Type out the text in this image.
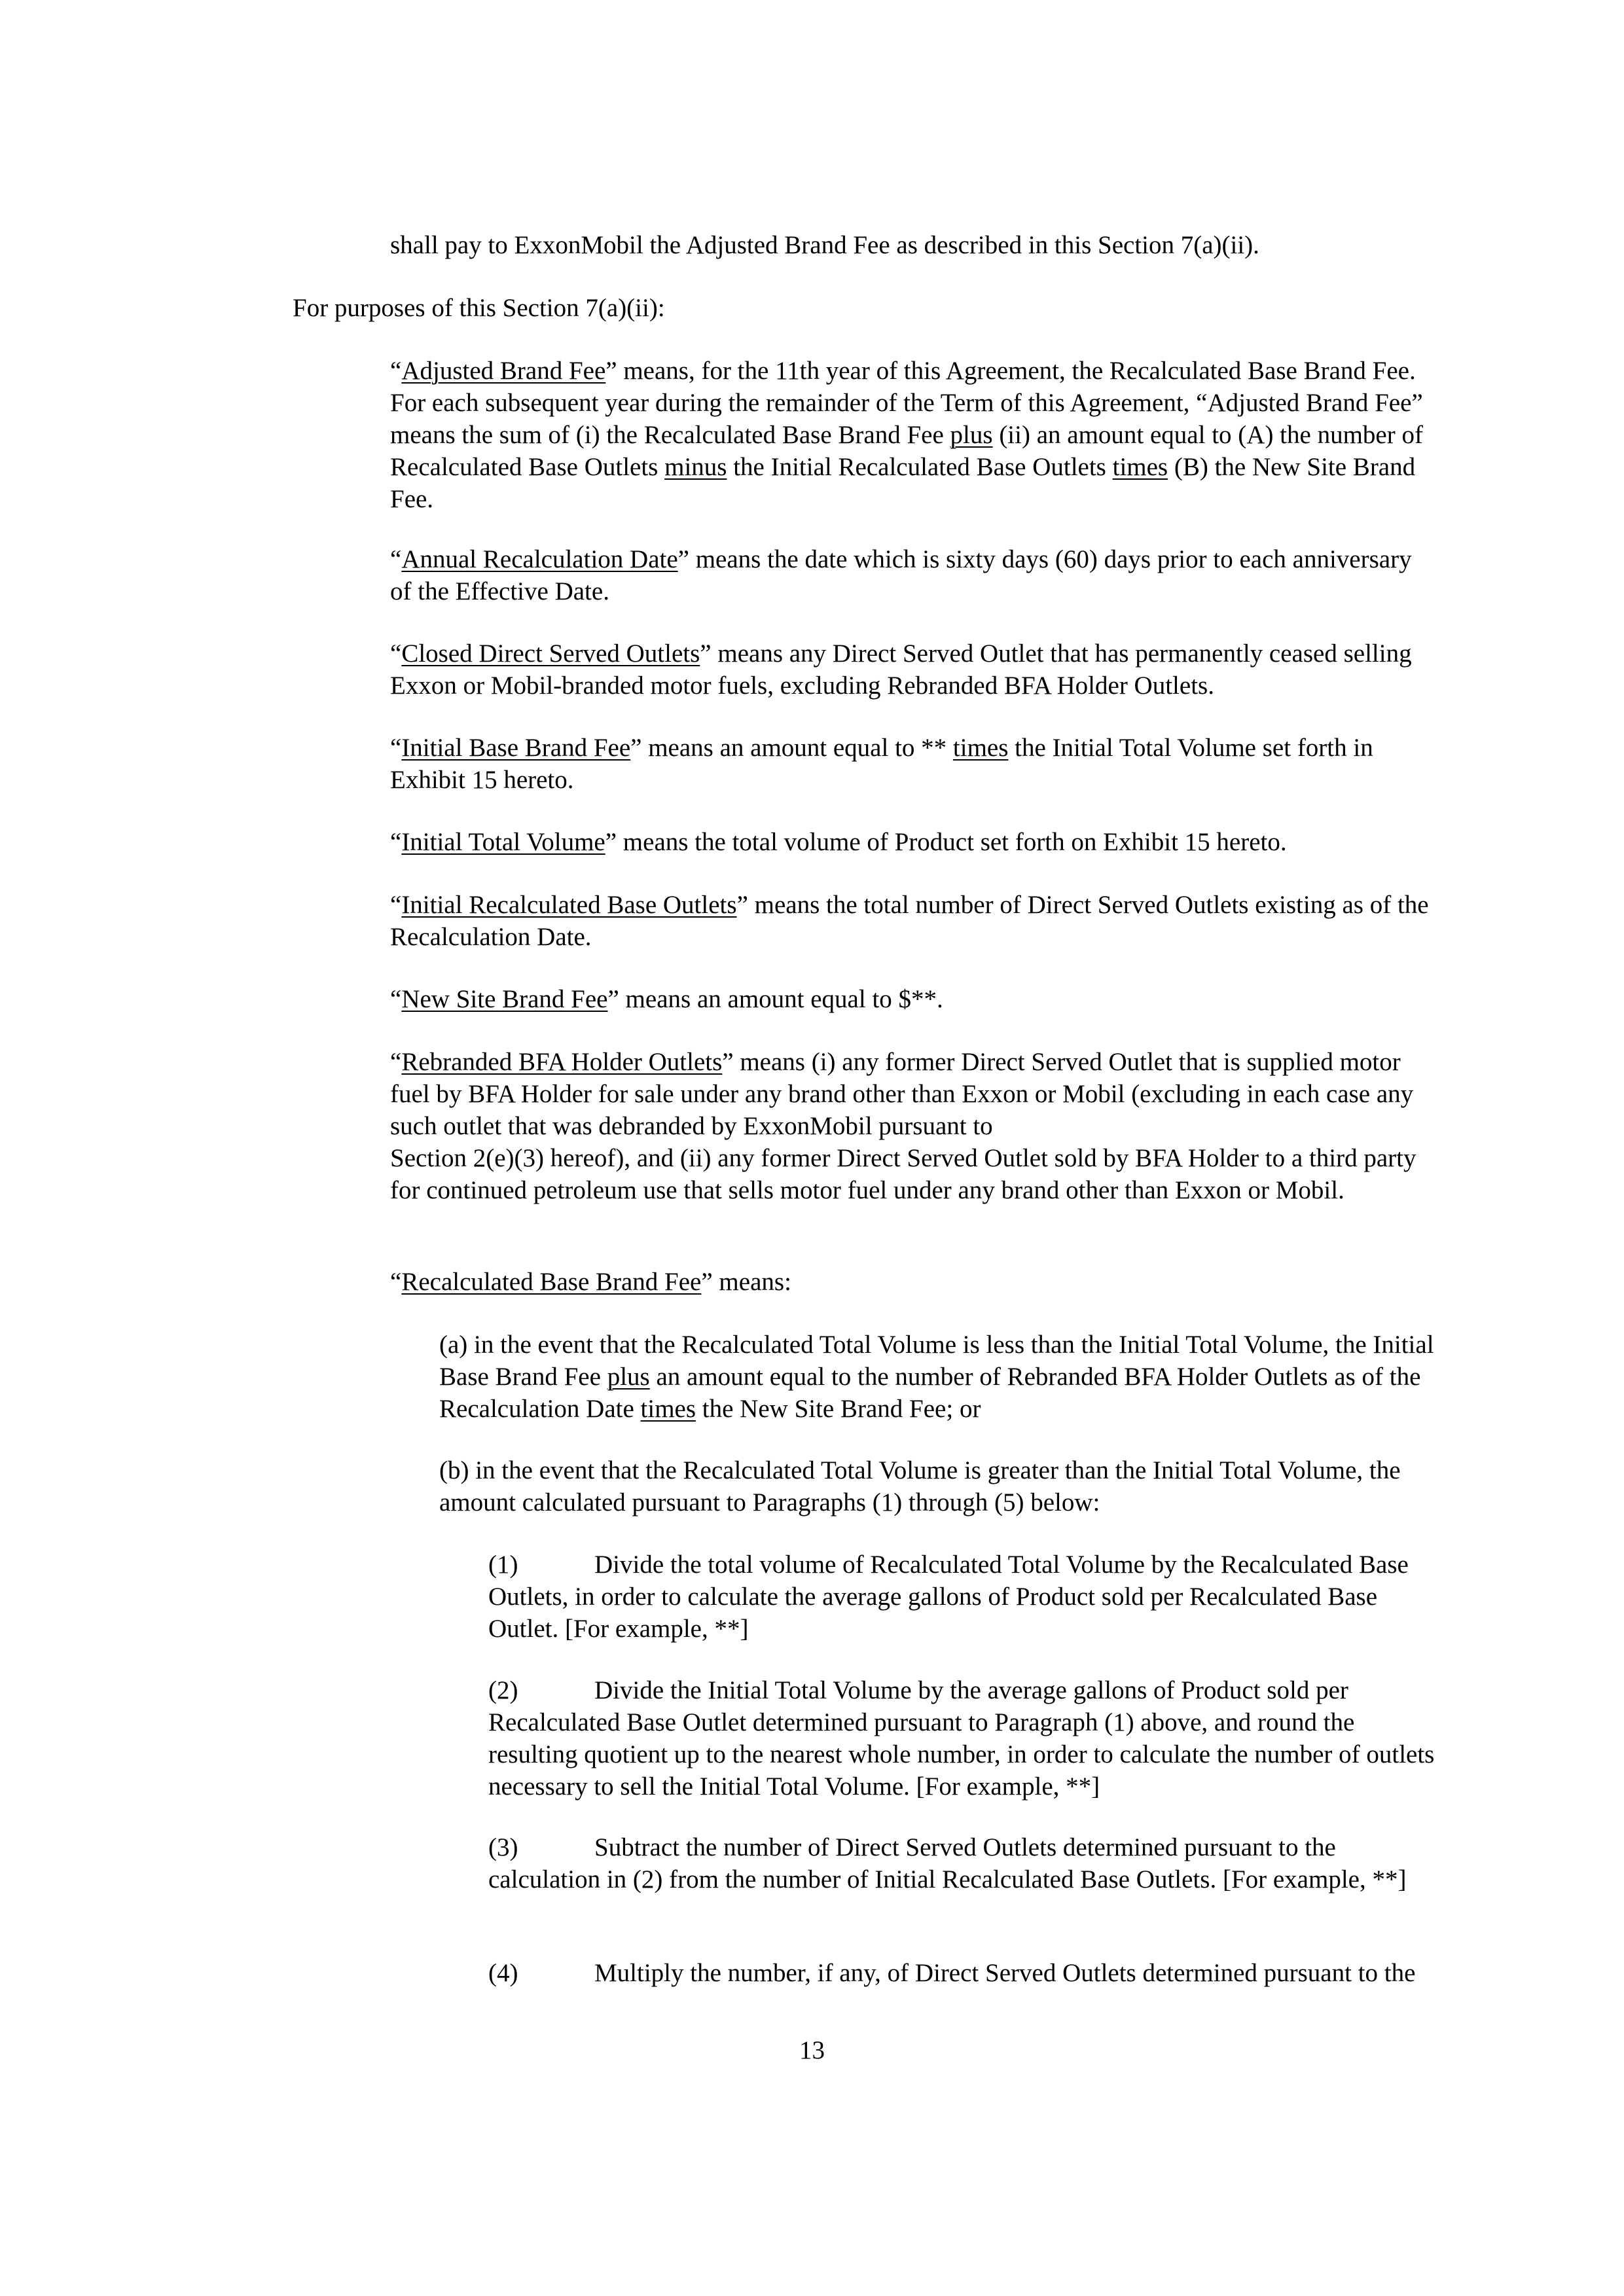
shall pay to ExxonMobil the Adjusted Brand Fee as described in this Section 7(a)(ii).

For purposes of this Section 7(a)(ii):

“Adjusted Brand Fee” means, for the 11th year of this Agreement, the Recalculated Base Brand Fee. For each subsequent year during the remainder of the Term of this Agreement, “Adjusted Brand Fee” means the sum of (i) the Recalculated Base Brand Fee plus (ii) an amount equal to (A) the number of Recalculated Base Outlets minus the Initial Recalculated Base Outlets times (B) the New Site Brand Fee.

“Annual Recalculation Date” means the date which is sixty days (60) days prior to each anniversary of the Effective Date.

“Closed Direct Served Outlets” means any Direct Served Outlet that has permanently ceased selling Exxon or Mobil-branded motor fuels, excluding Rebranded BFA Holder Outlets.

“Initial Base Brand Fee” means an amount equal to ** times the Initial Total Volume set forth in Exhibit 15 hereto.

“Initial Total Volume” means the total volume of Product set forth on Exhibit 15 hereto.

“Initial Recalculated Base Outlets” means the total number of Direct Served Outlets existing as of the Recalculation Date.

“New Site Brand Fee” means an amount equal to $**.

“Rebranded BFA Holder Outlets” means (i) any former Direct Served Outlet that is supplied motor fuel by BFA Holder for sale under any brand other than Exxon or Mobil (excluding in each case any such outlet that was debranded by ExxonMobil pursuant to
Section 2(e)(3) hereof), and (ii) any former Direct Served Outlet sold by BFA Holder to a third party for continued petroleum use that sells motor fuel under any brand other than Exxon or Mobil.

“Recalculated Base Brand Fee” means:

(a) in the event that the Recalculated Total Volume is less than the Initial Total Volume, the Initial Base Brand Fee plus an amount equal to the number of Rebranded BFA Holder Outlets as of the Recalculation Date times the New Site Brand Fee; or

(b) in the event that the Recalculated Total Volume is greater than the Initial Total Volume, the amount calculated pursuant to Paragraphs (1) through (5) below:

(1)	Divide the total volume of Recalculated Total Volume by the Recalculated Base Outlets, in order to calculate the average gallons of Product sold per Recalculated Base Outlet. [For example, **]

(2)	Divide the Initial Total Volume by the average gallons of Product sold per Recalculated Base Outlet determined pursuant to Paragraph (1) above, and round the resulting quotient up to the nearest whole number, in order to calculate the number of outlets necessary to sell the Initial Total Volume. [For example, **]

(3)	Subtract the number of Direct Served Outlets determined pursuant to the calculation in (2) from the number of Initial Recalculated Base Outlets. [For example, **]

(4)	Multiply the number, if any, of Direct Served Outlets determined pursuant to the

13
